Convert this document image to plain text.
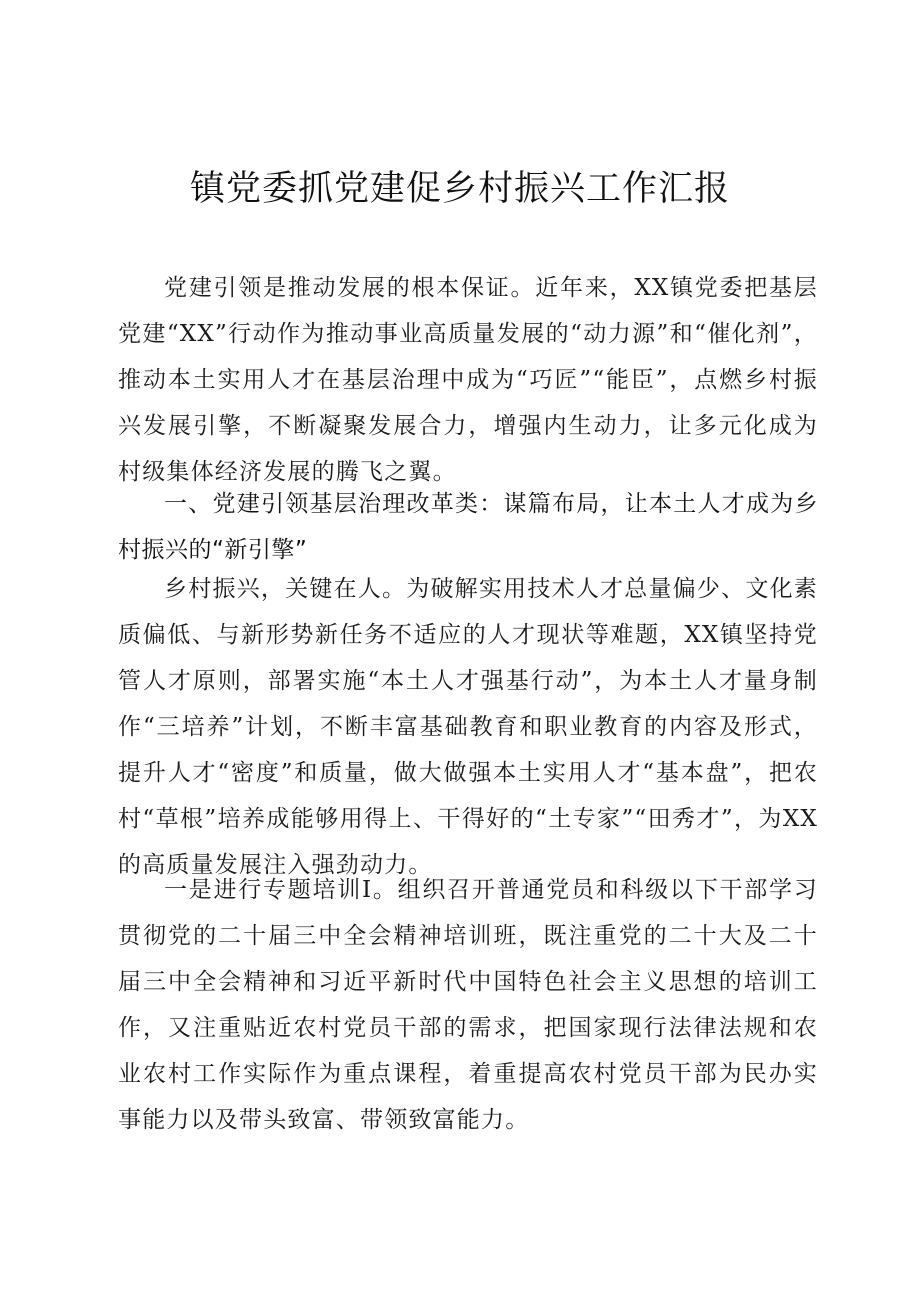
镇党委抓党建促乡村振兴工作汇报

党建引领是推动发展的根本保证。近年来，XX镇党委把基层党建“XX”行动作为推动事业高质量发展的“动力源”和“催化剂”，推动本土实用人才在基层治理中成为“巧匠”“能臣”，点燃乡村振兴发展引擎，不断凝聚发展合力，增强内生动力，让多元化成为村级集体经济发展的腾飞之翼。

一、党建引领基层治理改革类：谋篇布局，让本土人才成为乡村振兴的“新引擎”

乡村振兴，关键在人。为破解实用技术人才总量偏少、文化素质偏低、与新形势新任务不适应的人才现状等难题，XX镇坚持党管人才原则，部署实施“本土人才强基行动”，为本土人才量身制作“三培养”计划，不断丰富基础教育和职业教育的内容及形式，提升人才“密度”和质量，做大做强本土实用人才“基本盘”，把农村“草根”培养成能够用得上、干得好的“土专家”“田秀才”，为XX的高质量发展注入强劲动力。

一是进行专题培训I。组织召开普通党员和科级以下干部学习贯彻党的二十届三中全会精神培训班，既注重党的二十大及二十届三中全会精神和习近平新时代中国特色社会主义思想的培训工作，又注重贴近农村党员干部的需求，把国家现行法律法规和农业农村工作实际作为重点课程，着重提高农村党员干部为民办实事能力以及带头致富、带领致富能力。
